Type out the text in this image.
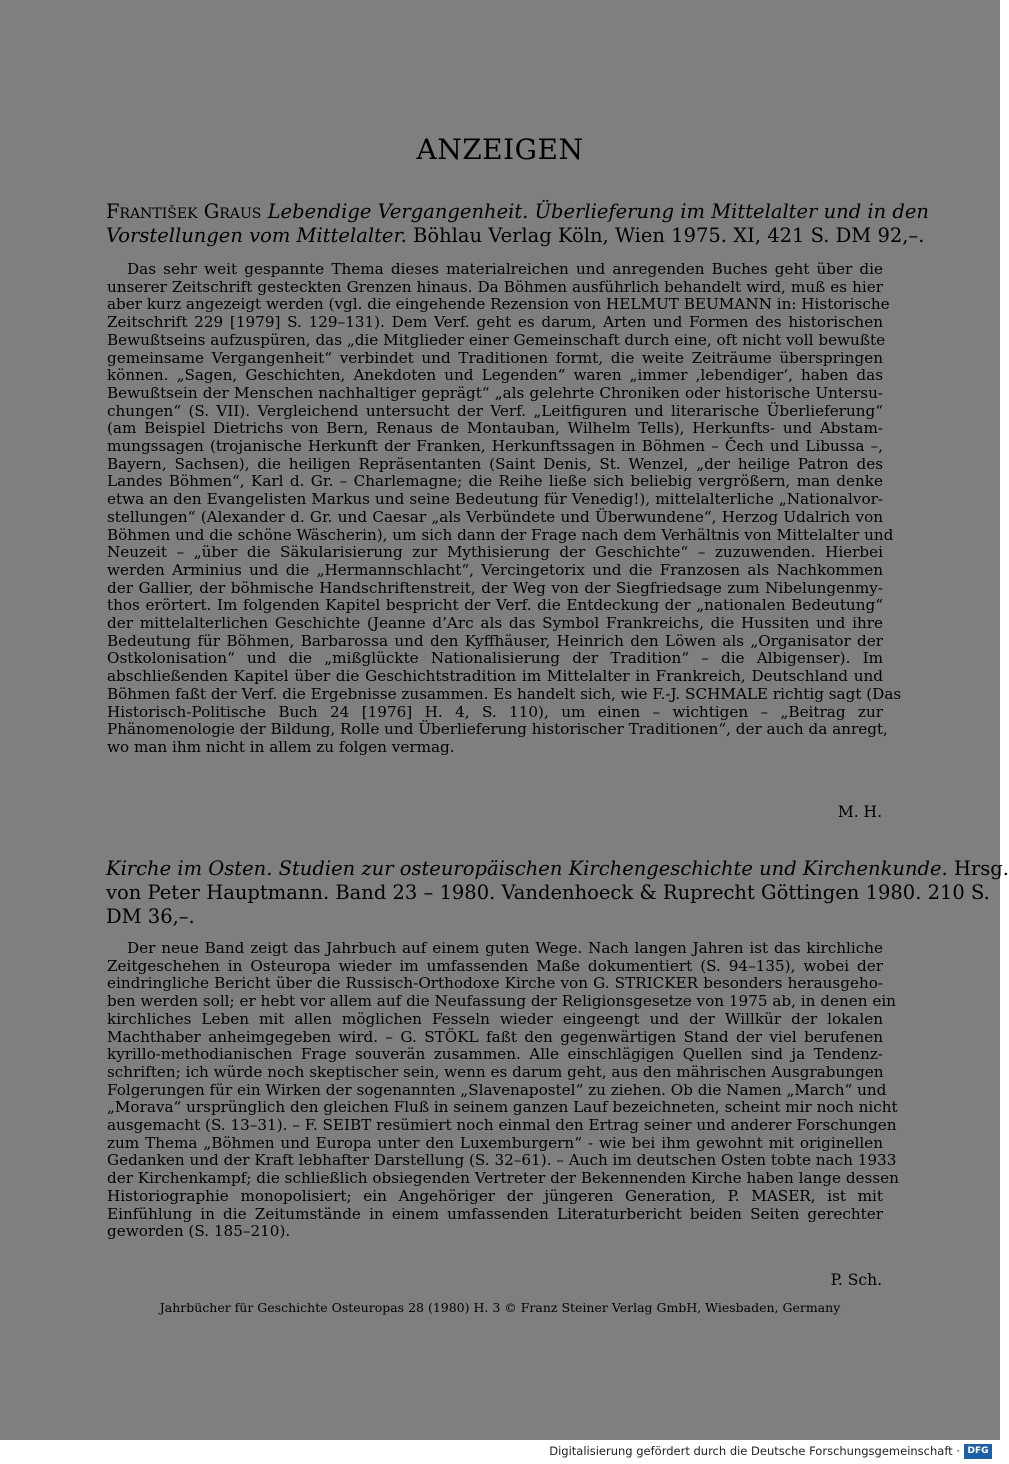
ANZEIGEN
František Graus Lebendige Vergangenheit. Überlieferung im Mittelalter und in den
Vorstellungen vom Mittelalter. Böhlau Verlag Köln, Wien 1975. XI, 421 S. DM 92,–.
Das sehr weit gespannte Thema dieses materialreichen und anregenden Buches geht über die
unserer Zeitschrift gesteckten Grenzen hinaus. Da Böhmen ausführlich behandelt wird, muß es hier
aber kurz angezeigt werden (vgl. die eingehende Rezension von HELMUT BEUMANN in: Historische
Zeitschrift 229 [1979] S. 129–131). Dem Verf. geht es darum, Arten und Formen des historischen
Bewußtseins aufzuspüren, das „die Mitglieder einer Gemeinschaft durch eine, oft nicht voll bewußte
gemeinsame Vergangenheit“ verbindet und Traditionen formt, die weite Zeiträume überspringen
können. „Sagen, Geschichten, Anekdoten und Legenden“ waren „immer ‚lebendiger‘, haben das
Bewußtsein der Menschen nachhaltiger geprägt“ „als gelehrte Chroniken oder historische Untersu-
chungen“ (S. VII). Vergleichend untersucht der Verf. „Leitfiguren und literarische Überlieferung“
(am Beispiel Dietrichs von Bern, Renaus de Montauban, Wilhelm Tells), Herkunfts- und Abstam-
mungssagen (trojanische Herkunft der Franken, Herkunftssagen in Böhmen – Čech und Libussa –,
Bayern, Sachsen), die heiligen Repräsentanten (Saint Denis, St. Wenzel, „der heilige Patron des
Landes Böhmen“, Karl d. Gr. – Charlemagne; die Reihe ließe sich beliebig vergrößern, man denke
etwa an den Evangelisten Markus und seine Bedeutung für Venedig!), mittelalterliche „Nationalvor-
stellungen“ (Alexander d. Gr. und Caesar „als Verbündete und Überwundene“, Herzog Udalrich von
Böhmen und die schöne Wäscherin), um sich dann der Frage nach dem Verhältnis von Mittelalter und
Neuzeit – „über die Säkularisierung zur Mythisierung der Geschichte“ – zuzuwenden. Hierbei
werden Arminius und die „Hermannschlacht“, Vercingetorix und die Franzosen als Nachkommen
der Gallier, der böhmische Handschriftenstreit, der Weg von der Siegfriedsage zum Nibelungenmy-
thos erörtert. Im folgenden Kapitel bespricht der Verf. die Entdeckung der „nationalen Bedeutung“
der mittelalterlichen Geschichte (Jeanne d’Arc als das Symbol Frankreichs, die Hussiten und ihre
Bedeutung für Böhmen, Barbarossa und den Kyffhäuser, Heinrich den Löwen als „Organisator der
Ostkolonisation“ und die „mißglückte Nationalisierung der Tradition“ – die Albigenser). Im
abschließenden Kapitel über die Geschichtstradition im Mittelalter in Frankreich, Deutschland und
Böhmen faßt der Verf. die Ergebnisse zusammen. Es handelt sich, wie F.-J. SCHMALE richtig sagt (Das
Historisch-Politische Buch 24 [1976] H. 4, S. 110), um einen – wichtigen – „Beitrag zur
Phänomenologie der Bildung, Rolle und Überlieferung historischer Traditionen“, der auch da anregt,
wo man ihm nicht in allem zu folgen vermag.
M. H.
Kirche im Osten. Studien zur osteuropäischen Kirchengeschichte und Kirchenkunde. Hrsg.
von Peter Hauptmann. Band 23 – 1980. Vandenhoeck & Ruprecht Göttingen 1980. 210 S.
DM 36,–.
Der neue Band zeigt das Jahrbuch auf einem guten Wege. Nach langen Jahren ist das kirchliche
Zeitgeschehen in Osteuropa wieder im umfassenden Maße dokumentiert (S. 94–135), wobei der
eindringliche Bericht über die Russisch-Orthodoxe Kirche von G. STRICKER besonders herausgeho-
ben werden soll; er hebt vor allem auf die Neufassung der Religionsgesetze von 1975 ab, in denen ein
kirchliches Leben mit allen möglichen Fesseln wieder eingeengt und der Willkür der lokalen
Machthaber anheimgegeben wird. – G. STÖKL faßt den gegenwärtigen Stand der viel berufenen
kyrillo-methodianischen Frage souverän zusammen. Alle einschlägigen Quellen sind ja Tendenz-
schriften; ich würde noch skeptischer sein, wenn es darum geht, aus den mährischen Ausgrabungen
Folgerungen für ein Wirken der sogenannten „Slavenapostel“ zu ziehen. Ob die Namen „March“ und
„Morava“ ursprünglich den gleichen Fluß in seinem ganzen Lauf bezeichneten, scheint mir noch nicht
ausgemacht (S. 13–31). – F. SEIBT resümiert noch einmal den Ertrag seiner und anderer Forschungen
zum Thema „Böhmen und Europa unter den Luxemburgern“ - wie bei ihm gewohnt mit originellen
Gedanken und der Kraft lebhafter Darstellung (S. 32–61). – Auch im deutschen Osten tobte nach 1933
der Kirchenkampf; die schließlich obsiegenden Vertreter der Bekennenden Kirche haben lange dessen
Historiographie monopolisiert; ein Angehöriger der jüngeren Generation, P. MASER, ist mit
Einfühlung in die Zeitumstände in einem umfassenden Literaturbericht beiden Seiten gerechter
geworden (S. 185–210).
P. Sch.
Jahrbücher für Geschichte Osteuropas 28 (1980) H. 3 © Franz Steiner Verlag GmbH, Wiesbaden, Germany
Digitalisierung gefördert durch die Deutsche Forschungsgemeinschaft · DFG
